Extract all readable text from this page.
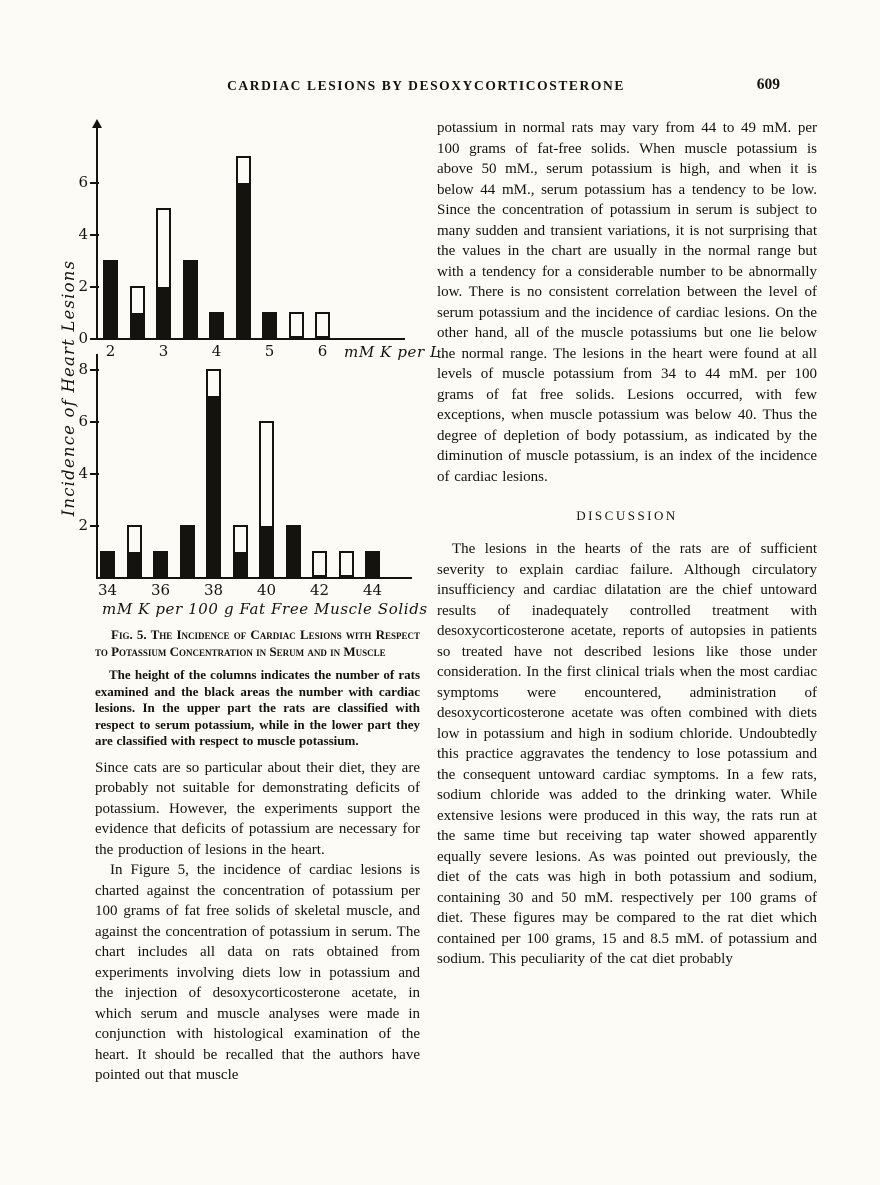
CARDIAC LESIONS BY DESOXYCORTICOSTERONE	609
Incidence of Heart Lesions 0
2
4
6
2	3	4	5	6	mM K per L.
2
4
6
8
34	36	38	40	42	44
mM K per 100 g Fat Free Muscle Solids
Fig. 5. The Incidence of Cardiac Lesions with Respect to Potassium Concentration in Serum and in Muscle
The height of the columns indicates the number of rats examined and the black areas the number with cardiac lesions. In the upper part the rats are classified with respect to serum potassium, while in the lower part they are classified with respect to muscle potassium.

Since cats are so particular about their diet, they are probably not suitable for demonstrating deficits of potassium. However, the experiments support the evidence that deficits of potassium are necessary for the production of lesions in the heart.

In Figure 5, the incidence of cardiac lesions is charted against the concentration of potassium per 100 grams of fat free solids of skeletal muscle, and against the concentration of potassium in serum. The chart includes all data on rats obtained from experiments involving diets low in potassium and the injection of desoxycorticosterone acetate, in which serum and muscle analyses were made in conjunction with histological examination of the heart. It should be recalled that the authors have pointed out that muscle

potassium in normal rats may vary from 44 to 49 mM. per 100 grams of fat-free solids. When muscle potassium is above 50 mM., serum potassium is high, and when it is below 44 mM., serum potassium has a tendency to be low. Since the concentration of potassium in serum is subject to many sudden and transient variations, it is not surprising that the values in the chart are usually in the normal range but with a tendency for a considerable number to be abnormally low. There is no consistent correlation between the level of serum potassium and the incidence of cardiac lesions. On the other hand, all of the muscle potassiums but one lie below the normal range. The lesions in the heart were found at all levels of muscle potassium from 34 to 44 mM. per 100 grams of fat free solids. Lesions occurred, with few exceptions, when muscle potassium was below 40. Thus the degree of depletion of body potassium, as indicated by the diminution of muscle potassium, is an index of the incidence of cardiac lesions.

DISCUSSION

The lesions in the hearts of the rats are of sufficient severity to explain cardiac failure. Although circulatory insufficiency and cardiac dilatation are the chief untoward results of inadequately controlled treatment with desoxycorticosterone acetate, reports of autopsies in patients so treated have not described lesions like those under consideration. In the first clinical trials when the most cardiac symptoms were encountered, administration of desoxycorticosterone acetate was often combined with diets low in potassium and high in sodium chloride. Undoubtedly this practice aggravates the tendency to lose potassium and the consequent untoward cardiac symptoms. In a few rats, sodium chloride was added to the drinking water. While extensive lesions were produced in this way, the rats run at the same time but receiving tap water showed apparently equally severe lesions. As was pointed out previously, the diet of the cats was high in both potassium and sodium, containing 30 and 50 mM. respectively per 100 grams of diet. These figures may be compared to the rat diet which contained per 100 grams, 15 and 8.5 mM. of potassium and sodium. This peculiarity of the cat diet probably
